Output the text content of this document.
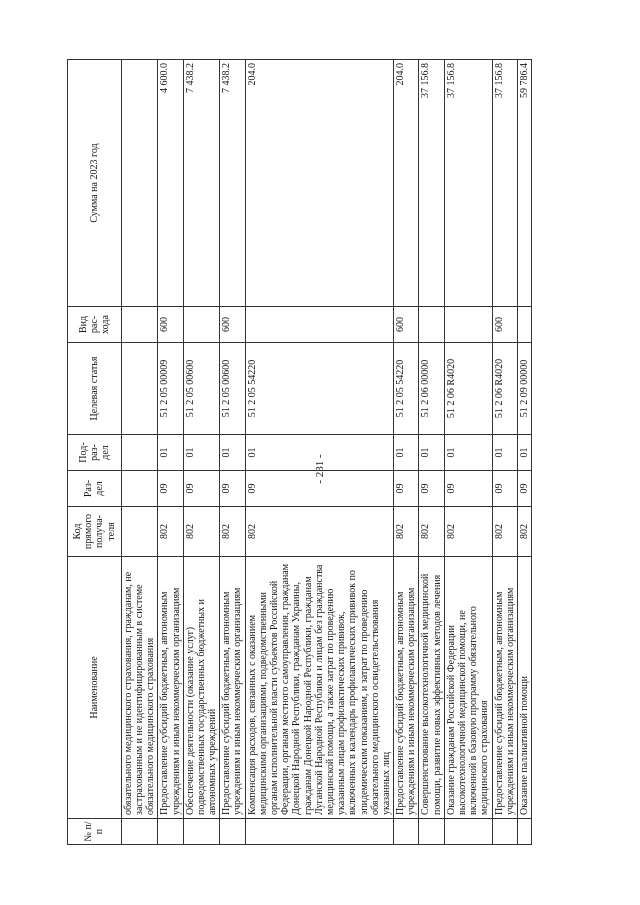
- 231 -
№ п/п	Наименование	Код прямого получа-теля	Раз-дел	Под-раз-дел	Целевая статья	Вид рас-хода	Сумма на 2023 год
	обязательного медицинского страхования, гражданам, не застрахованным и не идентифицированным в системе обязательного медицинского страхования						
	Предоставление субсидий бюджетным, автономным учреждениям и иным некоммерческим организациям	802	09	01	51 2 05 00009	600	4 600.0
	Обеспечение деятельности (оказание услуг) подведомственных государственных бюджетных и автономных учреждений	802	09	01	51 2 05 00600		7 438.2
	Предоставление субсидий бюджетным, автономным учреждениям и иным некоммерческим организациям	802	09	01	51 2 05 00600	600	7 438.2
	Компенсация расходов, связанных с оказанием медицинскими организациями, подведомственными органам исполнительной власти субъектов Российской Федерации, органам местного самоуправления, гражданам Донецкой Народной Республики, гражданам Украины, гражданам Донецкой Народной Республики, гражданам Луганской Народной Республики и лицам без гражданства медицинской помощи, а также затрат по проведению указанным лицам профилактических прививок, включенных в календарь профилактических прививок по эпидемическим показаниям, и затрат по проведению обязательного медицинского освидетельствования указанных лиц	802	09	01	51 2 05 54220		204.0
	Предоставление субсидий бюджетным, автономным учреждениям и иным некоммерческим организациям	802	09	01	51 2 05 54220	600	204.0
	Совершенствование высокотехнологичной медицинской помощи, развитие новых эффективных методов лечения	802	09	01	51 2 06 00000		37 156.8
	Оказание гражданам Российской Федерации высокотехнологичной медицинской помощи, не включенной в базовую программу обязательного медицинского страхования	802	09	01	51 2 06 R4020		37 156.8
	Предоставление субсидий бюджетным, автономным учреждениям и иным некоммерческим организациям	802	09	01	51 2 06 R4020	600	37 156.8
	Оказание паллиативной помощи	802	09	01	51 2 09 00000		59 786.4
